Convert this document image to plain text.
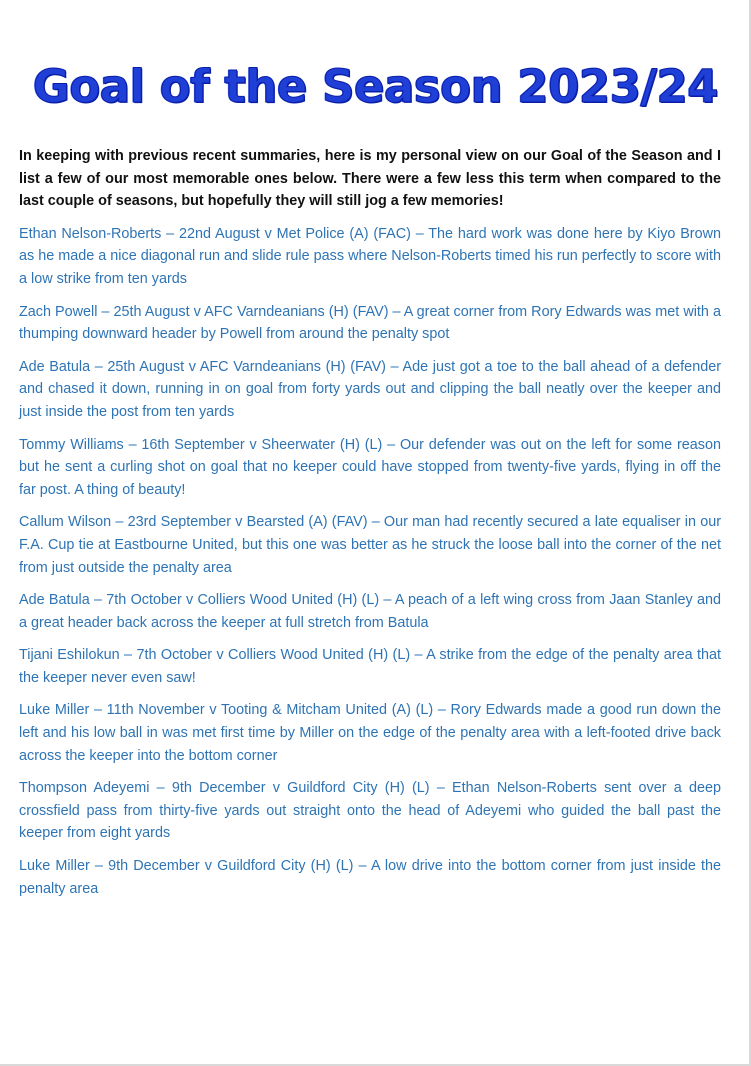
Goal of the Season 2023/24

In keeping with previous recent summaries, here is my personal view on our Goal of the Season and I list a few of our most memorable ones below. There were a few less this term when compared to the last couple of seasons, but hopefully they will still jog a few memories!

Ethan Nelson-Roberts – 22nd August v Met Police (A) (FAC) – The hard work was done here by Kiyo Brown as he made a nice diagonal run and slide rule pass where Nelson-Roberts timed his run perfectly to score with a low strike from ten yards

Zach Powell – 25th August v AFC Varndeanians (H) (FAV) – A great corner from Rory Edwards was met with a thumping downward header by Powell from around the penalty spot

Ade Batula – 25th August v AFC Varndeanians (H) (FAV) – Ade just got a toe to the ball ahead of a defender and chased it down, running in on goal from forty yards out and clipping the ball neatly over the keeper and just inside the post from ten yards

Tommy Williams – 16th September v Sheerwater (H) (L) – Our defender was out on the left for some reason but he sent a curling shot on goal that no keeper could have stopped from twenty-five yards, flying in off the far post. A thing of beauty!

Callum Wilson – 23rd September v Bearsted (A) (FAV) – Our man had recently secured a late equaliser in our F.A. Cup tie at Eastbourne United, but this one was better as he struck the loose ball into the corner of the net from just outside the penalty area

Ade Batula – 7th October v Colliers Wood United (H) (L) – A peach of a left wing cross from Jaan Stanley and a great header back across the keeper at full stretch from Batula

Tijani Eshilokun – 7th October v Colliers Wood United (H) (L) – A strike from the edge of the penalty area that the keeper never even saw!

Luke Miller – 11th November v Tooting & Mitcham United (A) (L) – Rory Edwards made a good run down the left and his low ball in was met first time by Miller on the edge of the penalty area with a left-footed drive back across the keeper into the bottom corner

Thompson Adeyemi – 9th December v Guildford City (H) (L) – Ethan Nelson-Roberts sent over a deep crossfield pass from thirty-five yards out straight onto the head of Adeyemi who guided the ball past the keeper from eight yards

Luke Miller – 9th December v Guildford City (H) (L) – A low drive into the bottom corner from just inside the penalty area
